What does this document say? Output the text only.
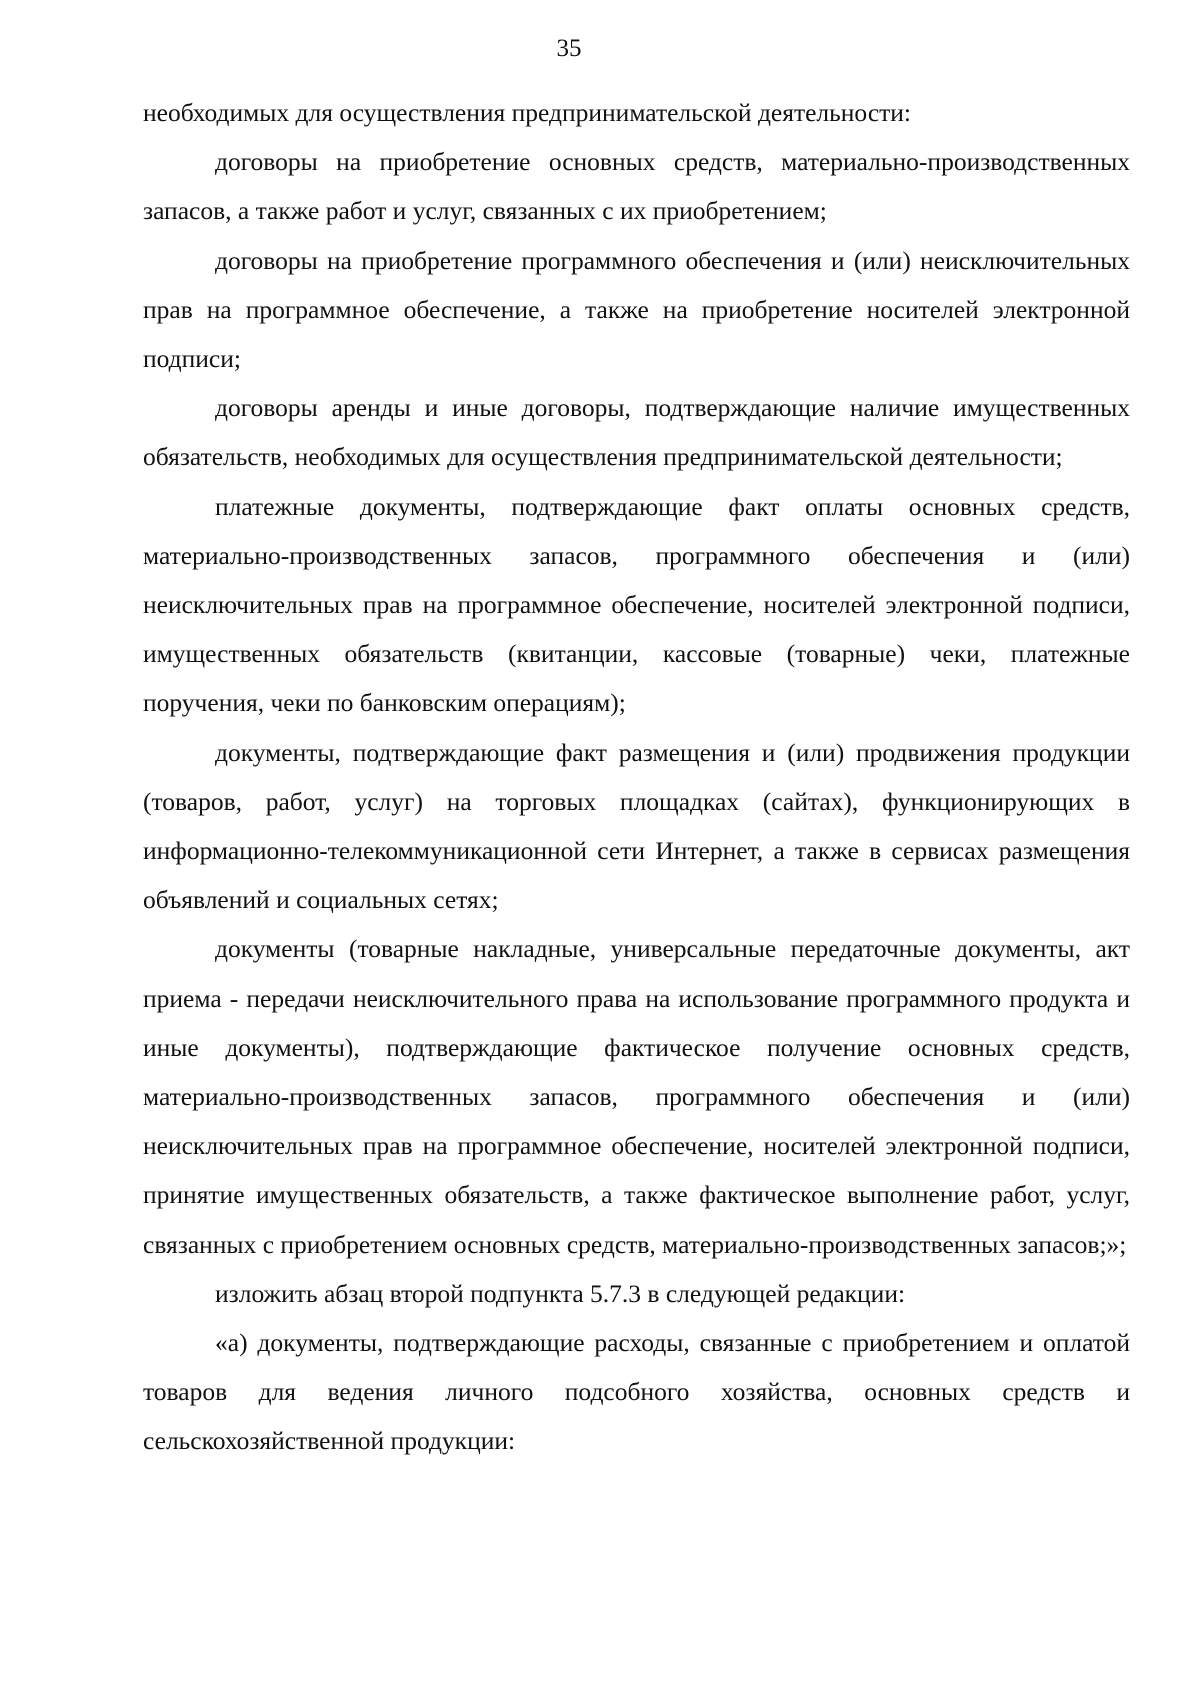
35

необходимых для осуществления предпринимательской деятельности:

договоры на приобретение основных средств, материально-производственных запасов, а также работ и услуг, связанных с их приобретением;

договоры на приобретение программного обеспечения и (или) неисключительных прав на программное обеспечение, а также на приобретение носителей электронной подписи;

договоры аренды и иные договоры, подтверждающие наличие имущественных обязательств, необходимых для осуществления предпринимательской деятельности;

платежные документы, подтверждающие факт оплаты основных средств, материально-производственных запасов, программного обеспечения и (или) неисключительных прав на программное обеспечение, носителей электронной подписи, имущественных обязательств (квитанции, кассовые (товарные) чеки, платежные поручения, чеки по банковским операциям);

документы, подтверждающие факт размещения и (или) продвижения продукции (товаров, работ, услуг) на торговых площадках (сайтах), функционирующих в информационно-телекоммуникационной сети Интернет, а также в сервисах размещения объявлений и социальных сетях;

документы (товарные накладные, универсальные передаточные документы, акт приема - передачи неисключительного права на использование программного продукта и иные документы), подтверждающие фактическое получение основных средств, материально-производственных запасов, программного обеспечения и (или) неисключительных прав на программное обеспечение, носителей электронной подписи, принятие имущественных обязательств, а также фактическое выполнение работ, услуг, связанных с приобретением основных средств, материально-производственных запасов;»;

изложить абзац второй подпункта 5.7.3 в следующей редакции:

«а) документы, подтверждающие расходы, связанные с приобретением и оплатой товаров для ведения личного подсобного хозяйства, основных средств и сельскохозяйственной продукции:
